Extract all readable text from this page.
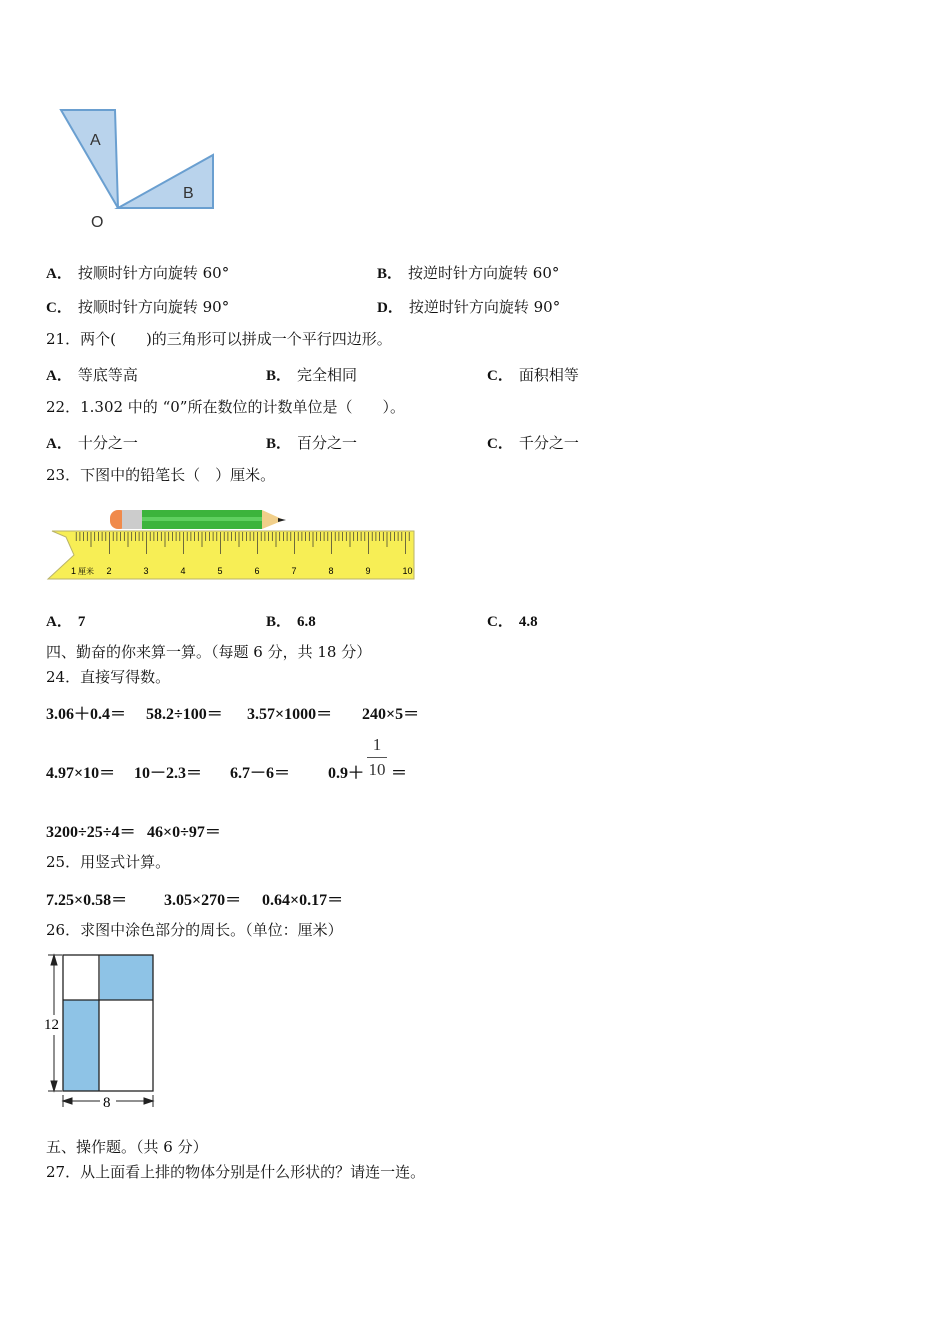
A
B
O
A． 按顺时针方向旋转 60°	B． 按逆时针方向旋转 60°
C． 按顺时针方向旋转 90°	D． 按逆时针方向旋转 90°
21．两个(　　)的三角形可以拼成一个平行四边形。
A． 等底等高	B． 完全相同	C． 面积相等
22．1.302 中的 “0”所在数位的计数单位是（　　）。
A． 十分之一	B． 百分之一	C． 千分之一
23．下图中的铅笔长（　）厘米。
1 厘米 2	3	4	5	6	7	8	9	10
A． 7	B． 6.8	C． 4.8
四、勤奋的你来算一算。（每题 6 分，共 18 分）
24．直接写得数。
3.06＋0.4＝ 58.2÷100＝ 3.57×1000＝ 240×5＝
4.97×10＝ 10－2.3＝ 6.7－6＝ 0.9＋
1
10 ＝
3200÷25÷4＝ 46×0÷97＝
25．用竖式计算。
7.25×0.58＝ 3.05×270＝ 0.64×0.17＝
26．求图中涂色部分的周长。（单位：厘米）
12
8
五、操作题。（共 6 分）
27．从上面看上排的物体分别是什么形状的？请连一连。
